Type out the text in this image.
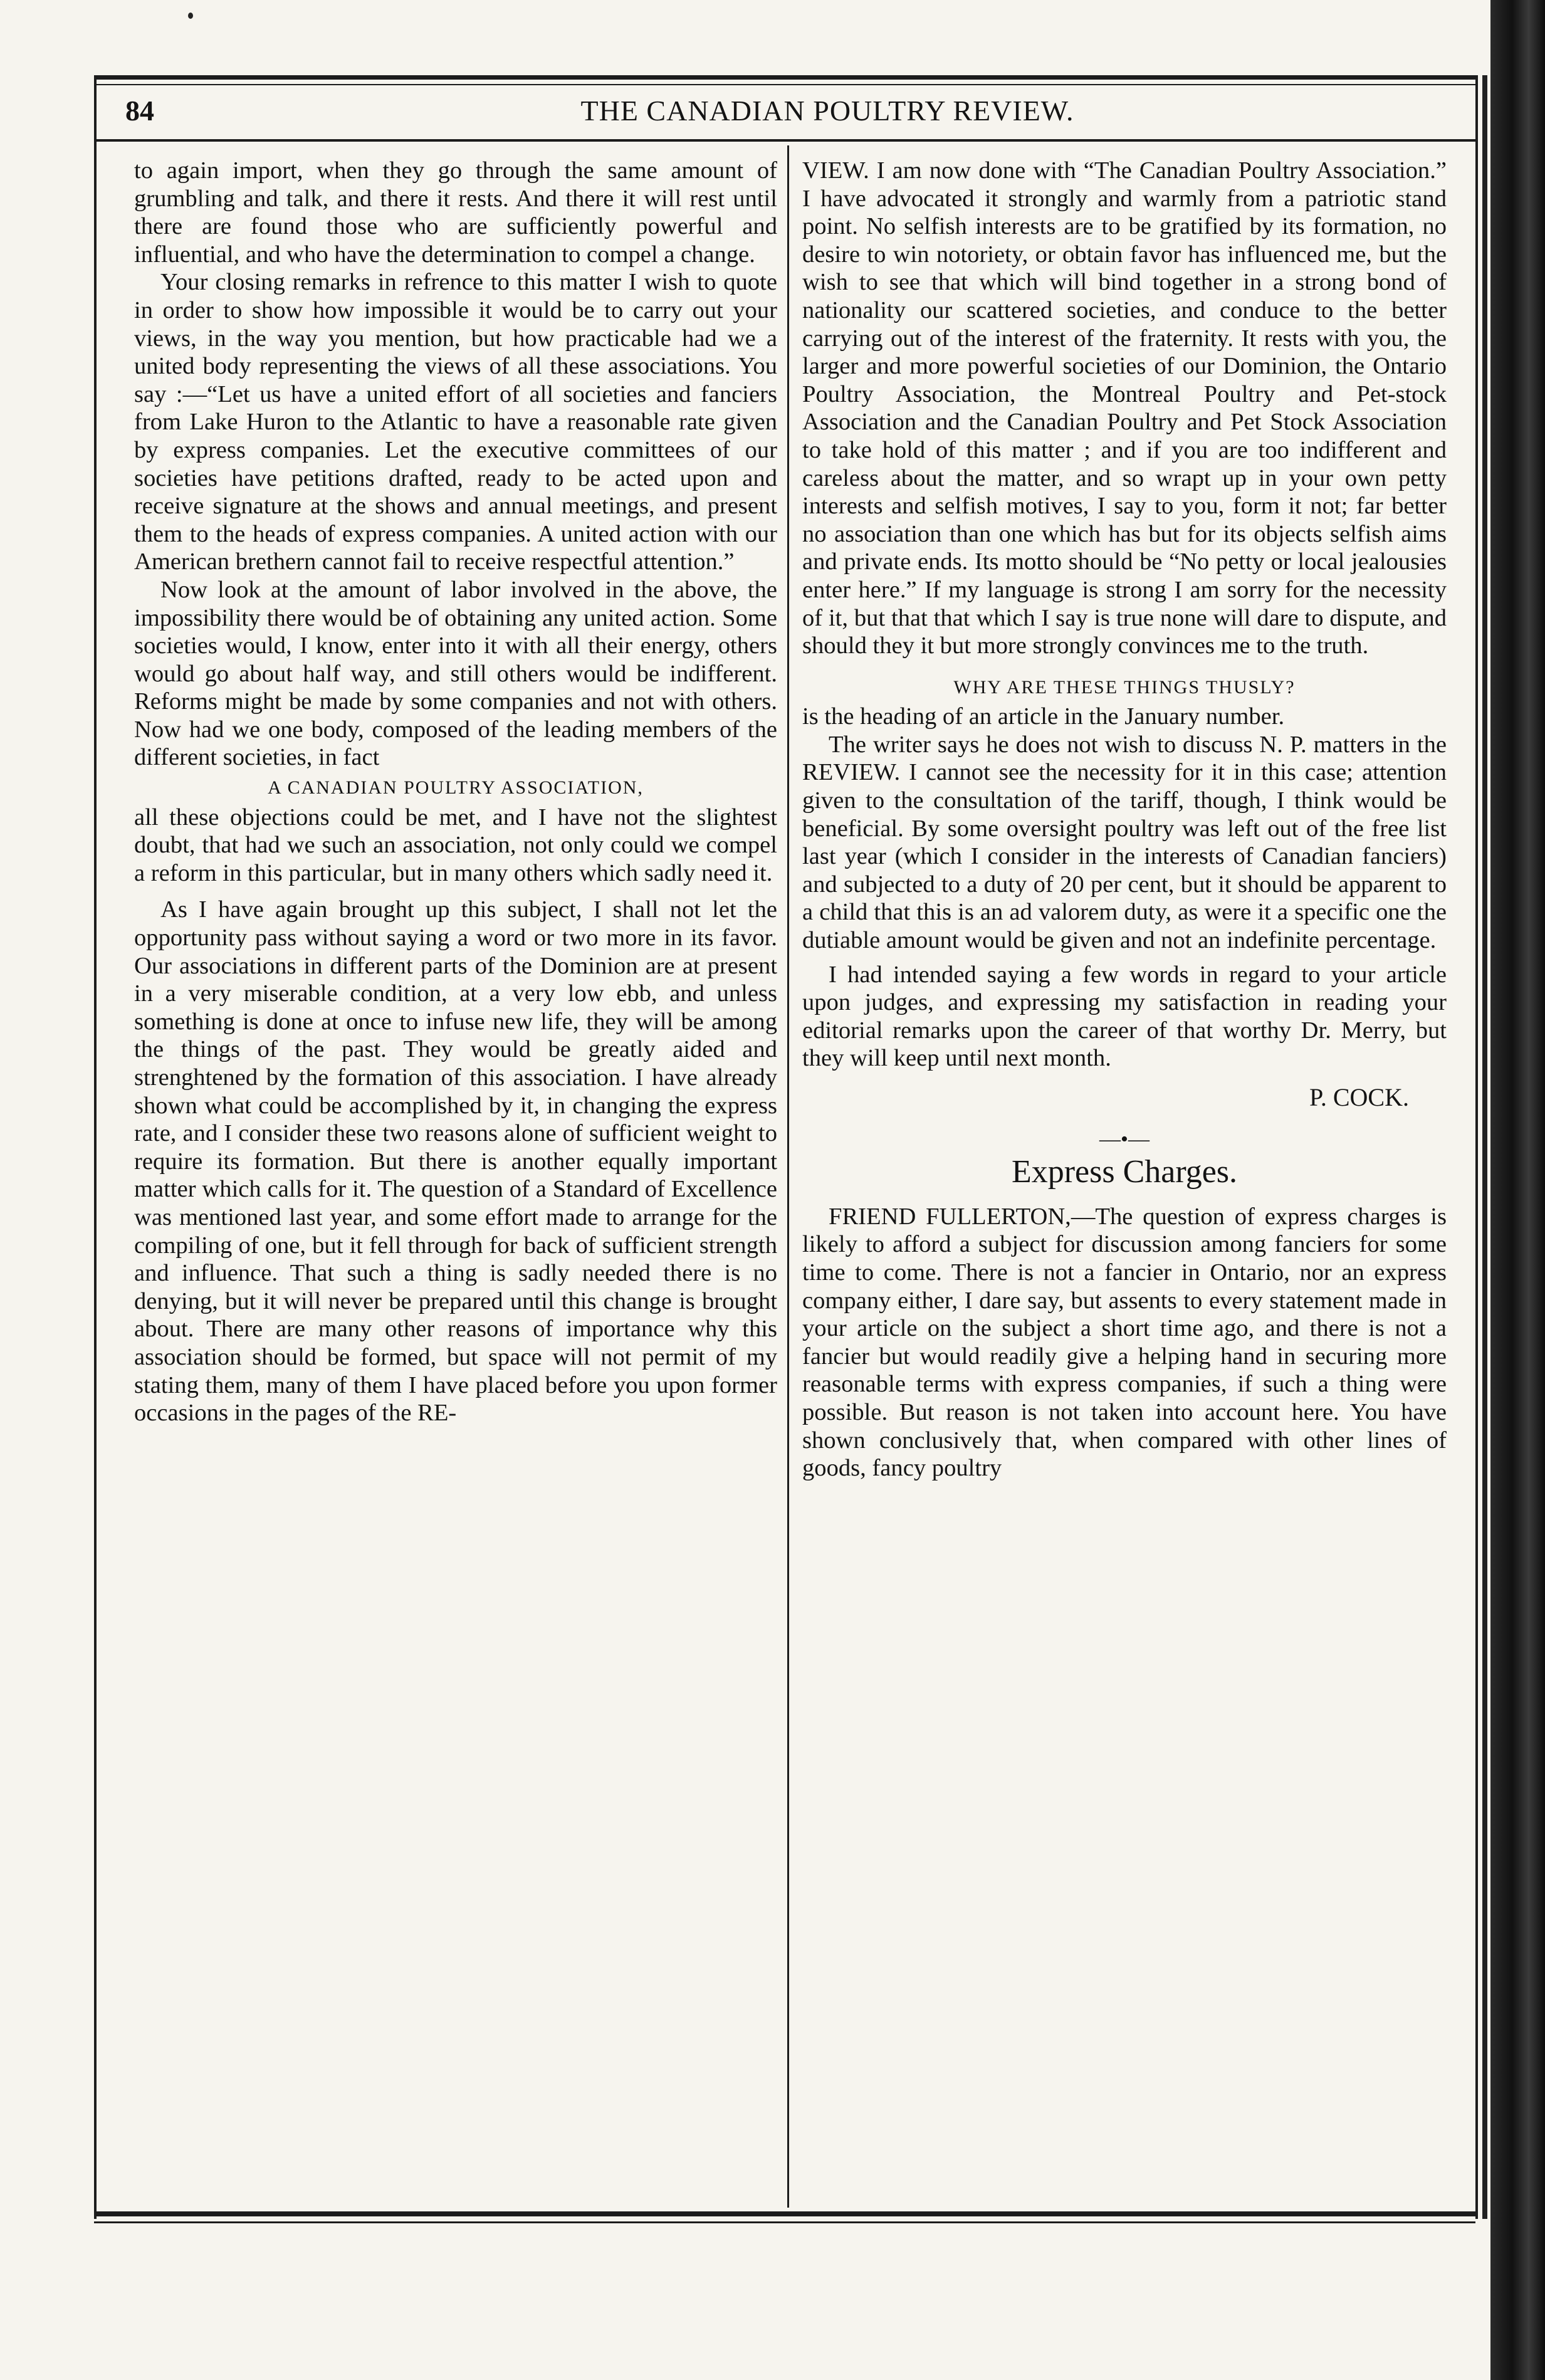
84	THE CANADIAN POULTRY REVIEW.

to again import, when they go through the same amount of grumbling and talk, and there it rests. And there it will rest until there are found those who are sufficiently powerful and influential, and who have the determination to compel a change.

Your closing remarks in refrence to this matter I wish to quote in order to show how impossible it would be to carry out your views, in the way you mention, but how practicable had we a united body representing the views of all these associations. You say :—“Let us have a united effort of all societies and fanciers from Lake Huron to the Atlantic to have a reasonable rate given by express companies. Let the executive committees of our societies have petitions drafted, ready to be acted upon and receive signature at the shows and annual meetings, and present them to the heads of express companies. A united action with our American brethern cannot fail to receive respectful attention.”

Now look at the amount of labor involved in the above, the impossibility there would be of obtaining any united action. Some societies would, I know, enter into it with all their energy, others would go about half way, and still others would be indifferent. Reforms might be made by some companies and not with others. Now had we one body, composed of the leading members of the different societies, in fact

A CANADIAN POULTRY ASSOCIATION,

all these objections could be met, and I have not the slightest doubt, that had we such an association, not only could we compel a reform in this particular, but in many others which sadly need it.

As I have again brought up this subject, I shall not let the opportunity pass without saying a word or two more in its favor. Our associations in different parts of the Dominion are at present in a very miserable condition, at a very low ebb, and unless something is done at once to infuse new life, they will be among the things of the past. They would be greatly aided and strenghtened by the formation of this association. I have already shown what could be accomplished by it, in changing the express rate, and I consider these two reasons alone of sufficient weight to require its formation. But there is another equally important matter which calls for it. The question of a Standard of Excellence was mentioned last year, and some effort made to arrange for the compiling of one, but it fell through for back of sufficient strength and influence. That such a thing is sadly needed there is no denying, but it will never be prepared until this change is brought about. There are many other reasons of importance why this association should be formed, but space will not permit of my stating them, many of them I have placed before you upon former occasions in the pages of the RE-

VIEW. I am now done with “The Canadian Poultry Association.” I have advocated it strongly and warmly from a patriotic stand point. No selfish interests are to be gratified by its formation, no desire to win notoriety, or obtain favor has influenced me, but the wish to see that which will bind together in a strong bond of nationality our scattered societies, and conduce to the better carrying out of the interest of the fraternity. It rests with you, the larger and more powerful societies of our Dominion, the Ontario Poultry Association, the Montreal Poultry and Pet-stock Association and the Canadian Poultry and Pet Stock Association to take hold of this matter ; and if you are too indifferent and careless about the matter, and so wrapt up in your own petty interests and selfish motives, I say to you, form it not; far better no association than one which has but for its objects selfish aims and private ends. Its motto should be “No petty or local jealousies enter here.” If my language is strong I am sorry for the necessity of it, but that that which I say is true none will dare to dispute, and should they it but more strongly convinces me to the truth.

WHY ARE THESE THINGS THUSLY?

is the heading of an article in the January number.

The writer says he does not wish to discuss N. P. matters in the REVIEW. I cannot see the necessity for it in this case; attention given to the consultation of the tariff, though, I think would be beneficial. By some oversight poultry was left out of the free list last year (which I consider in the interests of Canadian fanciers) and subjected to a duty of 20 per cent, but it should be apparent to a child that this is an ad valorem duty, as were it a specific one the dutiable amount would be given and not an indefinite percentage.

I had intended saying a few words in regard to your article upon judges, and expressing my satisfaction in reading your editorial remarks upon the career of that worthy Dr. Merry, but they will keep until next month.

P. COCK.
—•—
Express Charges.

FRIEND FULLERTON,—The question of express charges is likely to afford a subject for discussion among fanciers for some time to come. There is not a fancier in Ontario, nor an express company either, I dare say, but assents to every statement made in your article on the subject a short time ago, and there is not a fancier but would readily give a helping hand in securing more reasonable terms with express companies, if such a thing were possible. But reason is not taken into account here. You have shown conclusively that, when compared with other lines of goods, fancy poultry
